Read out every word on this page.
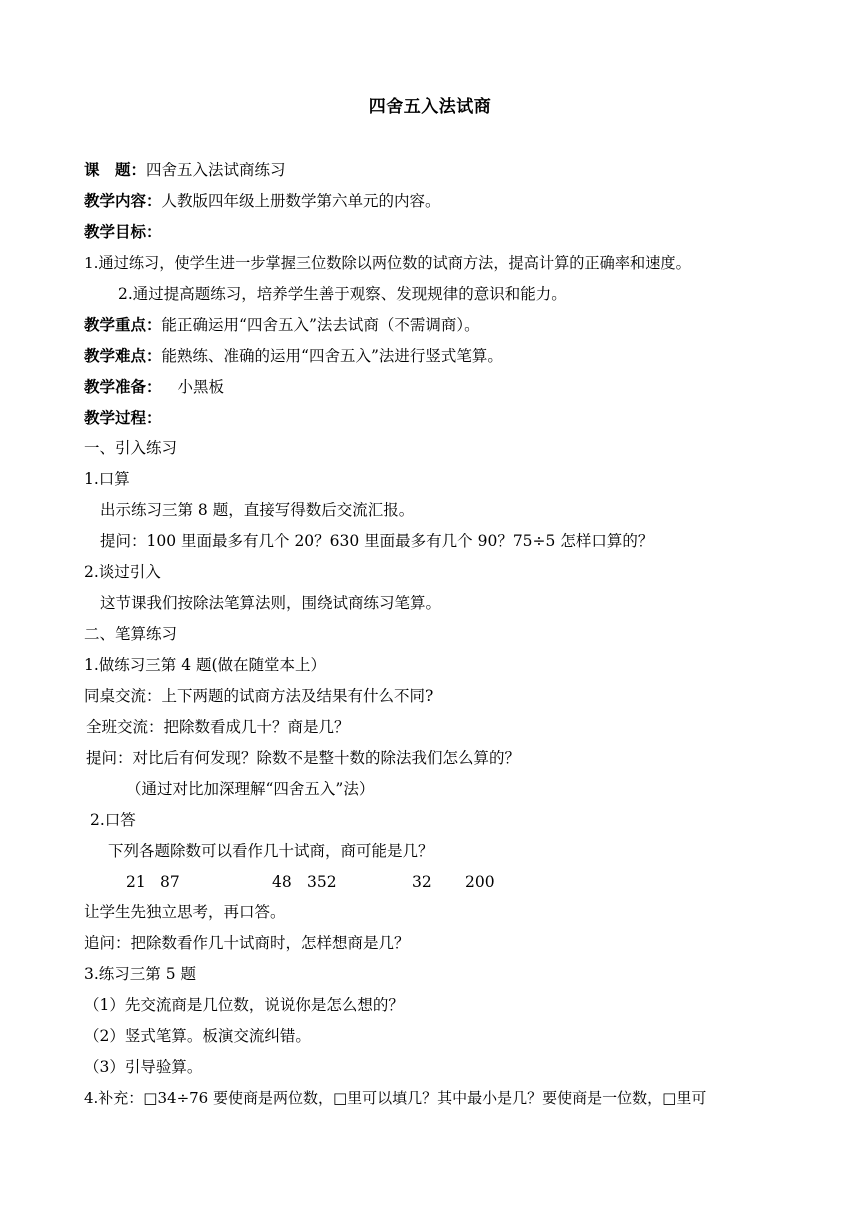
四舍五入法试商
课　题：四舍五入法试商练习
教学内容：人教版四年级上册数学第六单元的内容。
教学目标：
1.通过练习，使学生进一步掌握三位数除以两位数的试商方法，提高计算的正确率和速度。
2.通过提高题练习，培养学生善于观察、发现规律的意识和能力。
教学重点：能正确运用“四舍五入”法去试商（不需调商）。
教学难点：能熟练、准确的运用“四舍五入”法进行竖式笔算。
教学准备： 小黑板
教学过程：
一、引入练习
1.口算
出示练习三第 8 题，直接写得数后交流汇报。
提问：100 里面最多有几个 20？630 里面最多有几个 90？75÷5 怎样口算的？
2.谈过引入
这节课我们按除法笔算法则，围绕试商练习笔算。
二、笔算练习
1.做练习三第 4 题(做在随堂本上）
同桌交流：上下两题的试商方法及结果有什么不同?
全班交流：把除数看成几十？商是几？
提问：对比后有何发现？除数不是整十数的除法我们怎么算的？
（通过对比加深理解“四舍五入”法）
2.口答
下列各题除数可以看作几十试商，商可能是几？
21 87	48 352	32 200
让学生先独立思考，再口答。
追问：把除数看作几十试商时，怎样想商是几？
3.练习三第 5 题
（1）先交流商是几位数，说说你是怎么想的？
（2）竖式笔算。板演交流纠错。
（3）引导验算。
4.补充：□34÷76 要使商是两位数，□里可以填几？其中最小是几？要使商是一位数，□里可
